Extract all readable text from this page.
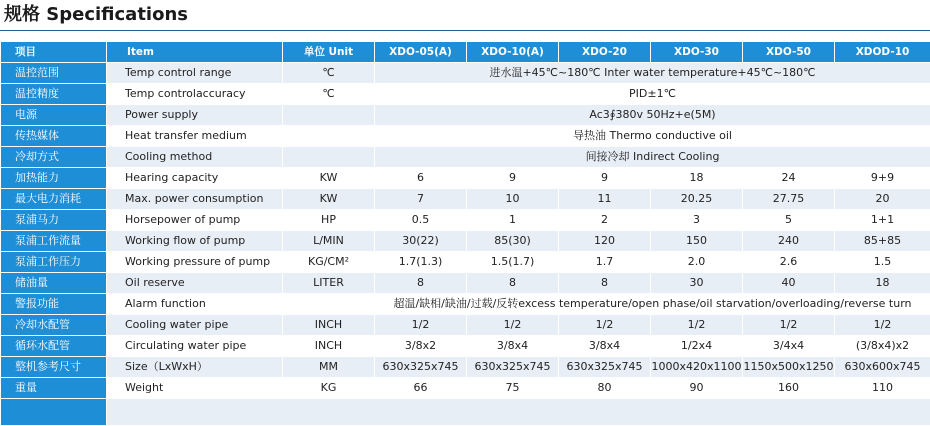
规格 Specifications
项目	Item	单位 Unit	XDO-05(A)	XDO-10(A)	XDO-20	XDO-30	XDO-50	XDOD-10
温控范围	Temp control range	℃	进水温+45℃~180℃ Inter water temperature+45℃~180℃					
温控精度	Temp controlaccuracy	℃	PID±1℃					
电源	Power supply		Ac3∮380v 50Hz+e(5M)					
传热媒体	Heat transfer medium		导热油 Thermo conductive oil					
冷却方式	Cooling method		间接冷却 Indirect Cooling					
加热能力	Hearing capacity	KW	6	9	9	18	24	9+9
最大电力消耗	Max. power consumption	KW	7	10	11	20.25	27.75	20
泵浦马力	Horsepower of pump	HP	0.5	1	2	3	5	1+1
泵浦工作流量	Working flow of pump	L/MIN	30(22)	85(30)	120	150	240	85+85
泵浦工作压力	Working pressure of pump	KG/CM²	1.7(1.3)	1.5(1.7)	1.7	2.0	2.6	1.5
储油量	Oil reserve	LITER	8	8	8	30	40	18
警报功能	Alarm function		超温/缺相/缺油/过载/反转excess temperature/open phase/oil starvation/overloading/reverse turn					
冷却水配管	Cooling water pipe	INCH	1/2	1/2	1/2	1/2	1/2	1/2
循环水配管	Circulating water pipe	INCH	3/8x2	3/8x4	3/8x4	1/2x4	3/4x4	(3/8x4)x2
整机参考尺寸	Size（LxWxH）	MM	630x325x745	630x325x745	630x325x745	1000x420x1100	1150x500x1250	630x600x745
重量	Weight	KG	66	75	80	90	160	110
